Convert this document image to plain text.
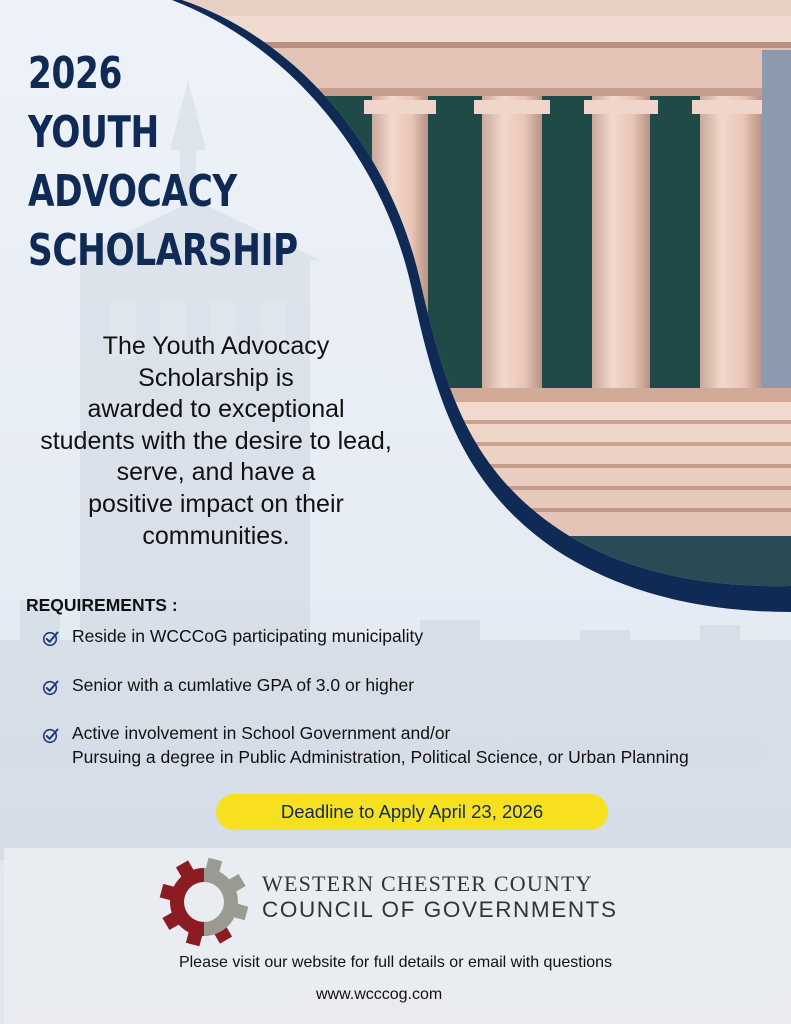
2026
YOUTH
ADVOCACY
SCHOLARSHIP

The Youth Advocacy
Scholarship is
awarded to exceptional
students with the desire to lead,
serve, and have a
positive impact on their
communities.

REQUIREMENTS :
Reside in WCCCoG participating municipality
Senior with a cumlative GPA of 3.0 or higher
Active involvement in School Government and/or
Pursuing a degree in Public Administration, Political Science, or Urban Planning
Deadline to Apply April 23, 2026
WESTERN CHESTER COUNTY
COUNCIL OF GOVERNMENTS
Please visit our website for full details or email with questions
www.wcccog.com
